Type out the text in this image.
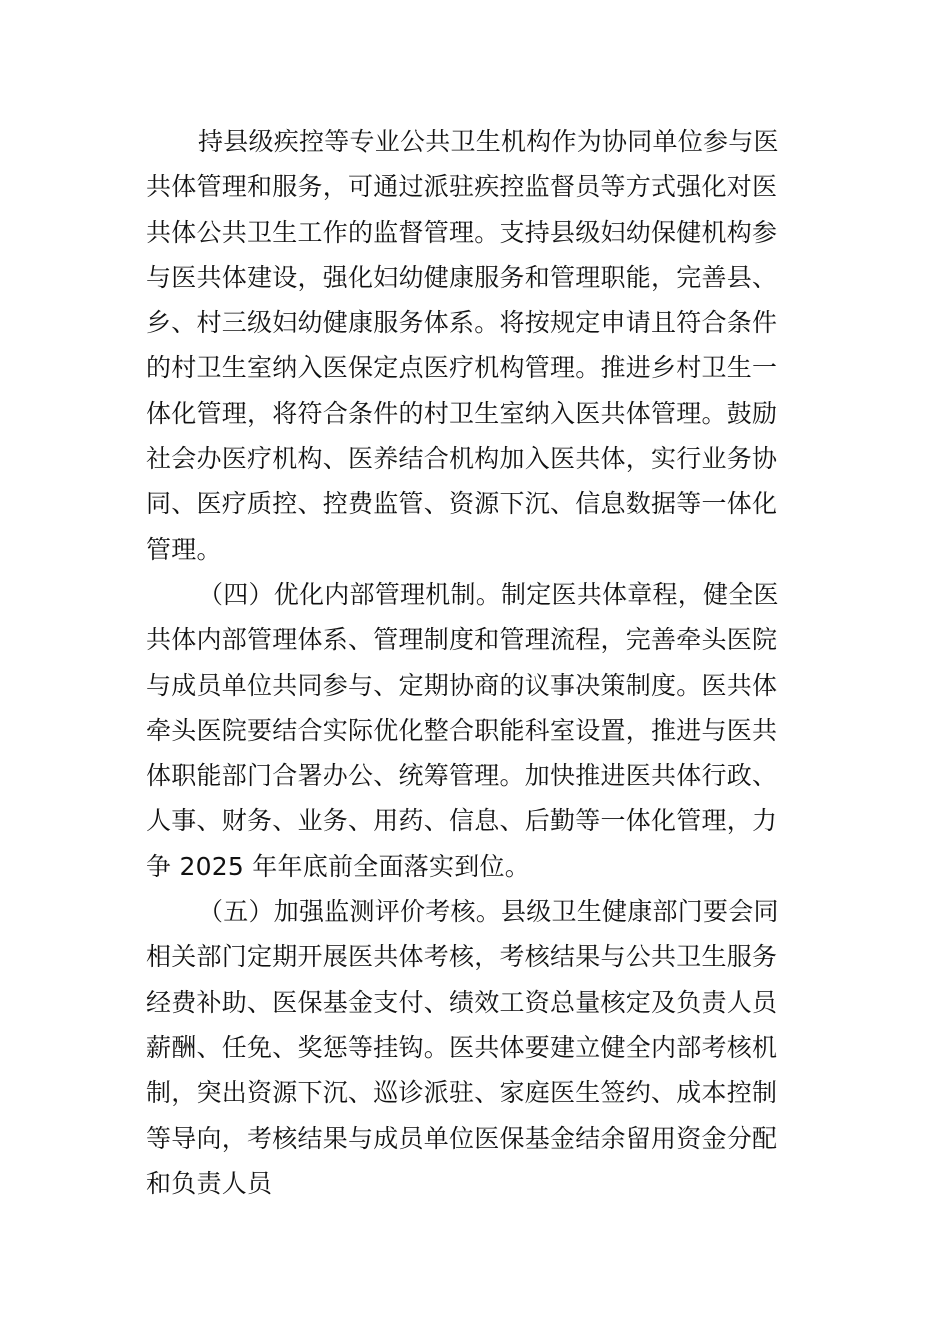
持县级疾控等专业公共卫生机构作为协同单位参与医
共体管理和服务，可通过派驻疾控监督员等方式强化对医
共体公共卫生工作的监督管理。支持县级妇幼保健机构参
与医共体建设，强化妇幼健康服务和管理职能，完善县、
乡、村三级妇幼健康服务体系。将按规定申请且符合条件
的村卫生室纳入医保定点医疗机构管理。推进乡村卫生一
体化管理，将符合条件的村卫生室纳入医共体管理。鼓励
社会办医疗机构、医养结合机构加入医共体，实行业务协
同、医疗质控、控费监管、资源下沉、信息数据等一体化
管理。
（四）优化内部管理机制。制定医共体章程，健全医
共体内部管理体系、管理制度和管理流程，完善牵头医院
与成员单位共同参与、定期协商的议事决策制度。医共体
牵头医院要结合实际优化整合职能科室设置，推进与医共
体职能部门合署办公、统筹管理。加快推进医共体行政、
人事、财务、业务、用药、信息、后勤等一体化管理，力
争 2025 年年底前全面落实到位。
（五）加强监测评价考核。县级卫生健康部门要会同
相关部门定期开展医共体考核，考核结果与公共卫生服务
经费补助、医保基金支付、绩效工资总量核定及负责人员
薪酬、任免、奖惩等挂钩。医共体要建立健全内部考核机
制，突出资源下沉、巡诊派驻、家庭医生签约、成本控制
等导向，考核结果与成员单位医保基金结余留用资金分配
和负责人员
